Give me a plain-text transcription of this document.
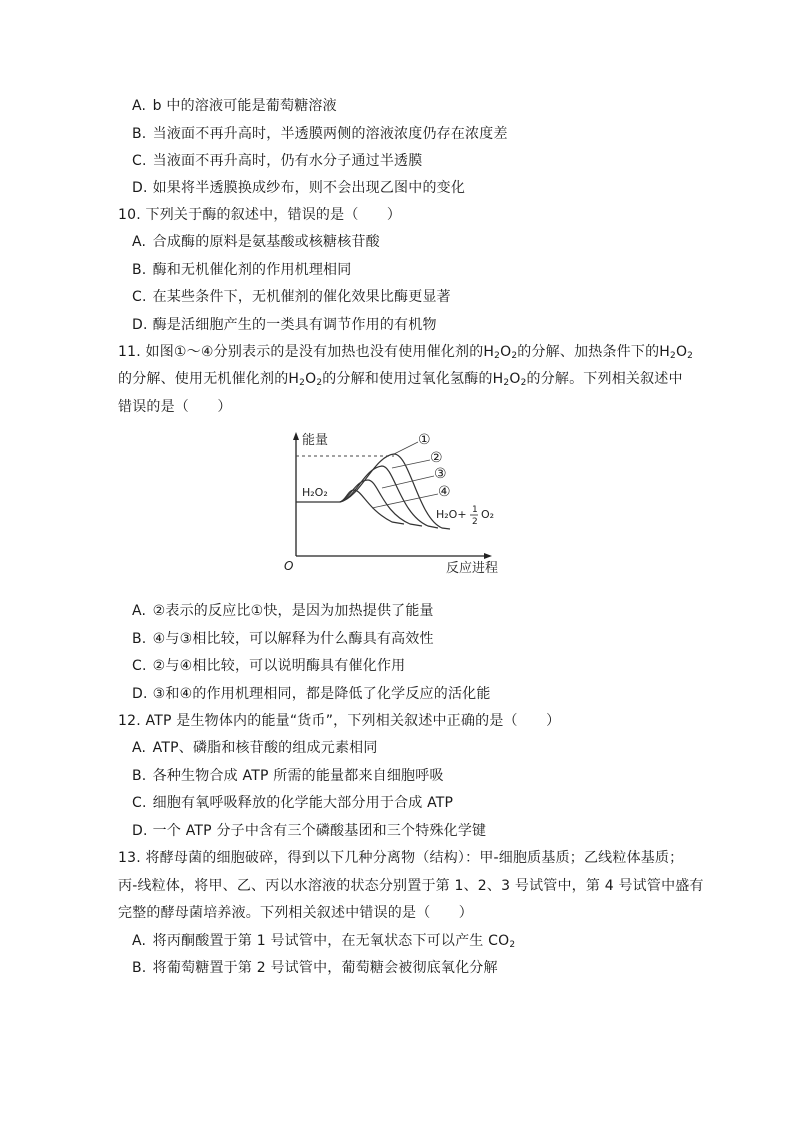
A. b 中的溶液可能是葡萄糖溶液
B. 当液面不再升高时，半透膜两侧的溶液浓度仍存在浓度差
C. 当液面不再升高时，仍有水分子通过半透膜
D. 如果将半透膜换成纱布，则不会出现乙图中的变化
10. 下列关于酶的叙述中，错误的是（　　）
A. 合成酶的原料是氨基酸或核糖核苷酸
B. 酶和无机催化剂的作用机理相同
C. 在某些条件下，无机催剂的催化效果比酶更显著
D. 酶是活细胞产生的一类具有调节作用的有机物
11. 如图①～④分别表示的是没有加热也没有使用催化剂的$H_2O_2$的分解、加热条件下的$H_2O_2$
的分解、使用无机催化剂的$H_2O_2$的分解和使用过氧化氢酶的$H_2O_2$的分解。下列相关叙述中
错误的是（　　）
能量
O	反应进程
H₂O₂
①
②
③
④
H₂O+ 1
2
O₂
A. ②表示的反应比①快，是因为加热提供了能量
B. ④与③相比较，可以解释为什么酶具有高效性
C. ②与④相比较，可以说明酶具有催化作用
D. ③和④的作用机理相同，都是降低了化学反应的活化能
12. ATP 是生物体内的能量“货币”，下列相关叙述中正确的是（　　）
A. ATP、磷脂和核苷酸的组成元素相同
B. 各种生物合成 ATP 所需的能量都来自细胞呼吸
C. 细胞有氧呼吸释放的化学能大部分用于合成 ATP
D. 一个 ATP 分子中含有三个磷酸基团和三个特殊化学键
13. 将酵母菌的细胞破碎，得到以下几种分离物（结构）：甲-细胞质基质；乙线粒体基质；
丙-线粒体，将甲、乙、丙以水溶液的状态分别置于第 1、2、3 号试管中，第 4 号试管中盛有
完整的酵母菌培养液。下列相关叙述中错误的是（　　）
A. 将丙酮酸置于第 1 号试管中，在无氧状态下可以产生 $CO_2$
B. 将葡萄糖置于第 2 号试管中，葡萄糖会被彻底氧化分解
